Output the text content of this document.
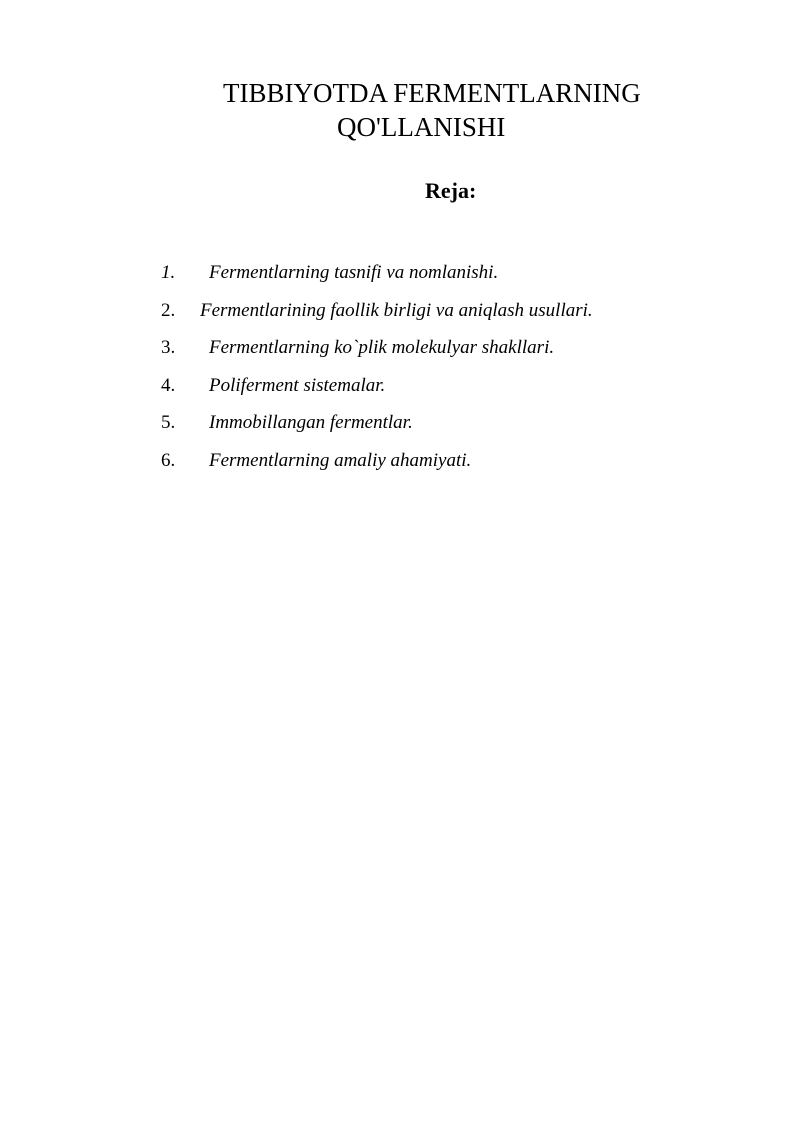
TIBBIYOTDA FERMENTLARNING
QO'LLANISHI
Reja:
1. Fermentlarning tasnifi va nomlanishi.
2. Fermentlarining faollik birligi va aniqlash usullari.
3. Fermentlarning ko`plik molekulyar shakllari.
4. Poliferment sistemalar.
5. Immobillangan fermentlar.
6. Fermentlarning amaliy ahamiyati.
